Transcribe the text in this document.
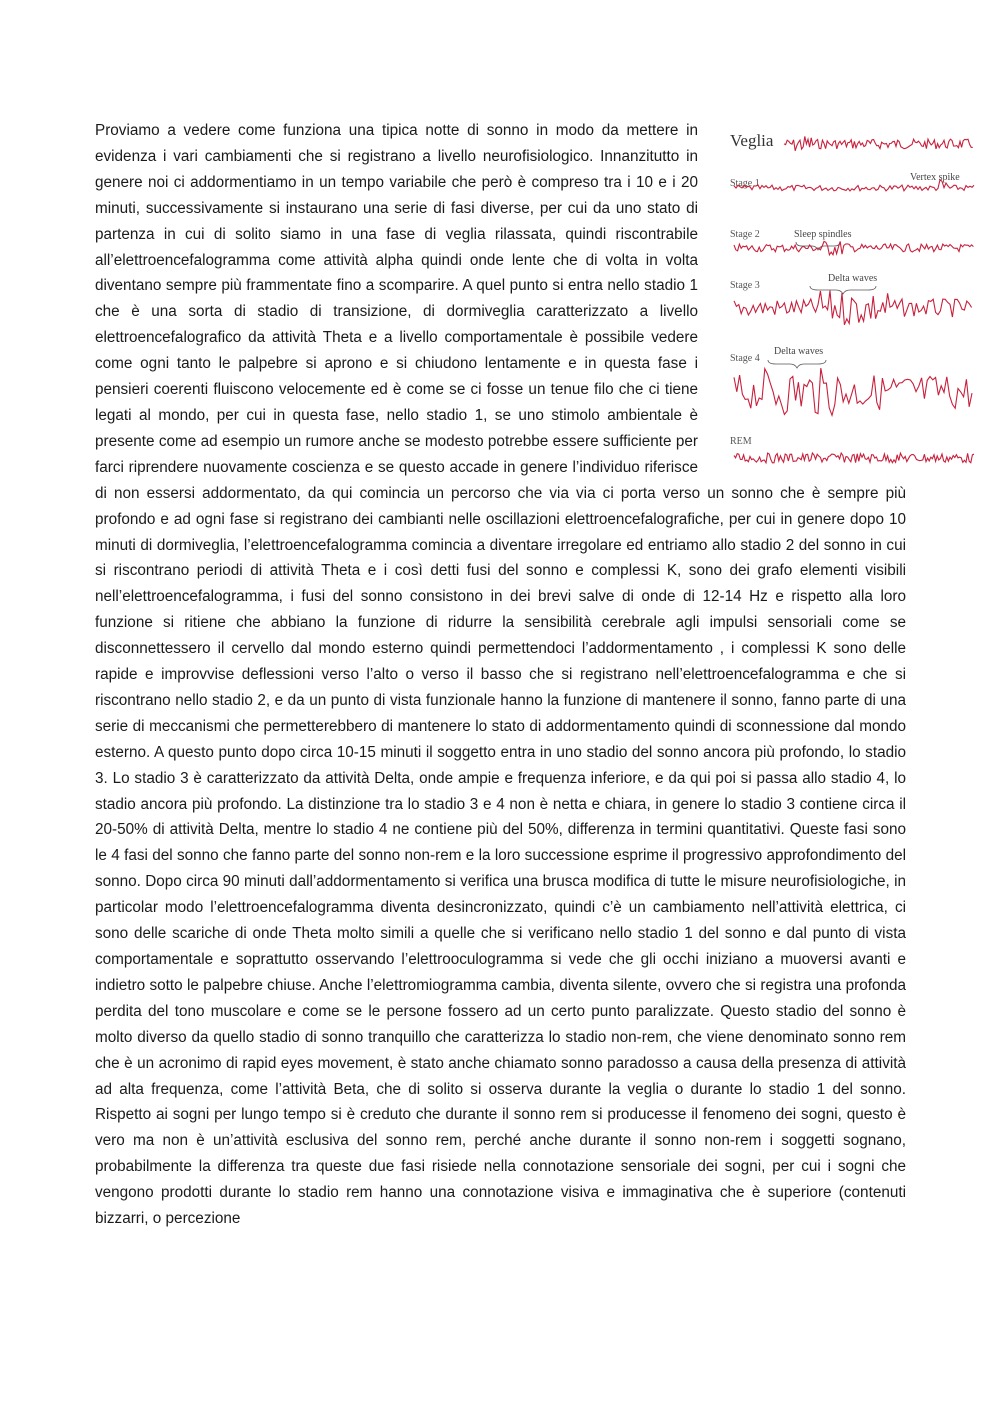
Veglia
Stage 1
Vertex spike
Stage 2	Sleep spindles
Stage 3
Delta waves
Stage 4
Delta waves
REM

Proviamo a vedere come funziona una tipica notte di sonno in modo da mettere in evidenza i vari cambiamenti che si registrano a livello neurofisiologico. Innanzitutto in genere noi ci addormentiamo in un tempo variabile che però è compreso tra i 10 e i 20 minuti, successivamente si instaurano una serie di fasi diverse, per cui da uno stato di partenza in cui di solito siamo in una fase di veglia rilassata, quindi riscontrabile all’elettroencefalogramma come attività alpha quindi onde lente che di volta in volta diventano sempre più frammentate fino a scomparire. A quel punto si entra nello stadio 1 che è una sorta di stadio di transizione, di dormiveglia caratterizzato a livello elettroencefalografico da attività Theta e a livello comportamentale è possibile vedere come ogni tanto le palpebre si aprono e si chiudono lentamente e in questa fase i pensieri coerenti fluiscono velocemente ed è come se ci fosse un tenue filo che ci tiene legati al mondo, per cui in questa fase, nello stadio 1, se uno stimolo ambientale è presente come ad esempio un rumore anche se modesto potrebbe essere sufficiente per farci riprendere nuovamente coscienza e se questo accade in genere l’individuo riferisce di non essersi addormentato, da qui comincia un percorso che via via ci porta verso un sonno che è sempre più profondo e ad ogni fase si registrano dei cambianti nelle oscillazioni elettroencefalografiche, per cui in genere dopo 10 minuti di dormiveglia, l’elettroencefalogramma comincia a diventare irregolare ed entriamo allo stadio 2 del sonno in cui si riscontrano periodi di attività Theta e i così detti fusi del sonno e complessi K, sono dei grafo elementi visibili nell’elettroencefalogramma, i fusi del sonno consistono in dei brevi salve di onde di 12-14 Hz e rispetto alla loro funzione si ritiene che abbiano la funzione di ridurre la sensibilità cerebrale agli impulsi sensoriali come se disconnettessero il cervello dal mondo esterno quindi permettendoci l’addormentamento , i complessi K sono delle rapide e improvvise deflessioni verso l’alto o verso il basso che si registrano nell’elettroencefalogramma e che si riscontrano nello stadio 2, e da un punto di vista funzionale hanno la funzione di mantenere il sonno, fanno parte di una serie di meccanismi che permetterebbero di mantenere lo stato di addormentamento quindi di sconnessione dal mondo esterno. A questo punto dopo circa 10-15 minuti il soggetto entra in uno stadio del sonno ancora più profondo, lo stadio 3. Lo stadio 3 è caratterizzato da attività Delta, onde ampie e frequenza inferiore, e da qui poi si passa allo stadio 4, lo stadio ancora più profondo. La distinzione tra lo stadio 3 e 4 non è netta e chiara, in genere lo stadio 3 contiene circa il 20-50% di attività Delta, mentre lo stadio 4 ne contiene più del 50%, differenza in termini quantitativi. Queste fasi sono le 4 fasi del sonno che fanno parte del sonno non-rem e la loro successione esprime il progressivo approfondimento del sonno. Dopo circa 90 minuti dall’addormentamento si verifica una brusca modifica di tutte le misure neurofisiologiche, in particolar modo l’elettroencefalogramma diventa desincronizzato, quindi c’è un cambiamento nell’attività elettrica, ci sono delle scariche di onde Theta molto simili a quelle che si verificano nello stadio 1 del sonno e dal punto di vista comportamentale e soprattutto osservando l’elettrooculogramma si vede che gli occhi iniziano a muoversi avanti e indietro sotto le palpebre chiuse. Anche l’elettromiogramma cambia, diventa silente, ovvero che si registra una profonda perdita del tono muscolare e come se le persone fossero ad un certo punto paralizzate. Questo stadio del sonno è molto diverso da quello stadio di sonno tranquillo che caratterizza lo stadio non-rem, che viene denominato sonno rem che è un acronimo di rapid eyes movement, è stato anche chiamato sonno paradosso a causa della presenza di attività ad alta frequenza, come l’attività Beta, che di solito si osserva durante la veglia o durante lo stadio 1 del sonno. Rispetto ai sogni per lungo tempo si è creduto che durante il sonno rem si producesse il fenomeno dei sogni, questo è vero ma non è un’attività esclusiva del sonno rem, perché anche durante il sonno non-rem i soggetti sognano, probabilmente la differenza tra queste due fasi risiede nella connotazione sensoriale dei sogni, per cui i sogni che vengono prodotti durante lo stadio rem hanno una connotazione visiva e immaginativa che è superiore (contenuti bizzarri, o percezione
